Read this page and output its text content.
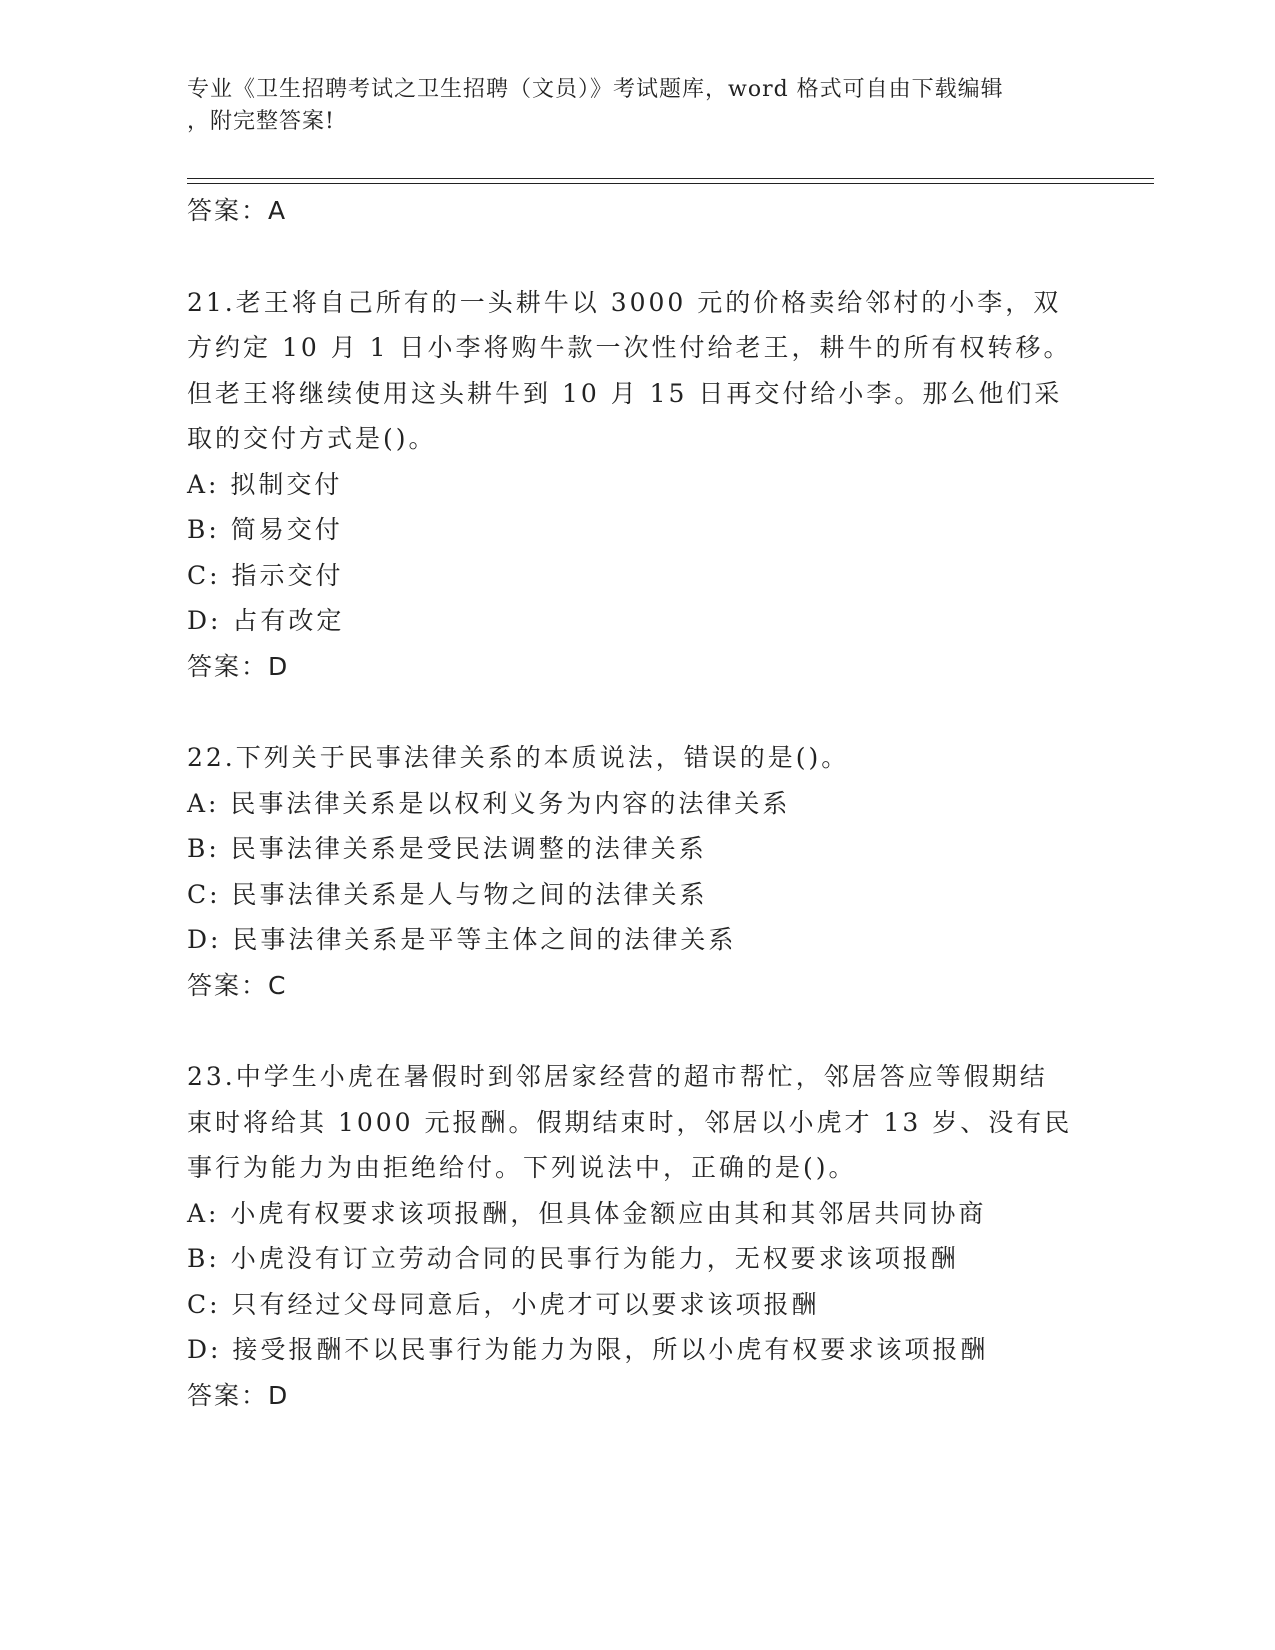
专业《卫生招聘考试之卫生招聘（文员）》考试题库，word 格式可自由下载编辑
，附完整答案!
答案：A
21.老王将自己所有的一头耕牛以 3000 元的价格卖给邻村的小李，双
方约定 10 月 1 日小李将购牛款一次性付给老王，耕牛的所有权转移。
但老王将继续使用这头耕牛到 10 月 15 日再交付给小李。那么他们采
取的交付方式是()。
A: 拟制交付
B: 简易交付
C: 指示交付
D: 占有改定
答案：D
22.下列关于民事法律关系的本质说法，错误的是()。
A: 民事法律关系是以权利义务为内容的法律关系
B: 民事法律关系是受民法调整的法律关系
C: 民事法律关系是人与物之间的法律关系
D: 民事法律关系是平等主体之间的法律关系
答案：C
23.中学生小虎在暑假时到邻居家经营的超市帮忙，邻居答应等假期结
束时将给其 1000 元报酬。假期结束时，邻居以小虎才 13 岁、没有民
事行为能力为由拒绝给付。下列说法中，正确的是()。
A: 小虎有权要求该项报酬，但具体金额应由其和其邻居共同协商
B: 小虎没有订立劳动合同的民事行为能力，无权要求该项报酬
C: 只有经过父母同意后，小虎才可以要求该项报酬
D: 接受报酬不以民事行为能力为限，所以小虎有权要求该项报酬
答案：D
